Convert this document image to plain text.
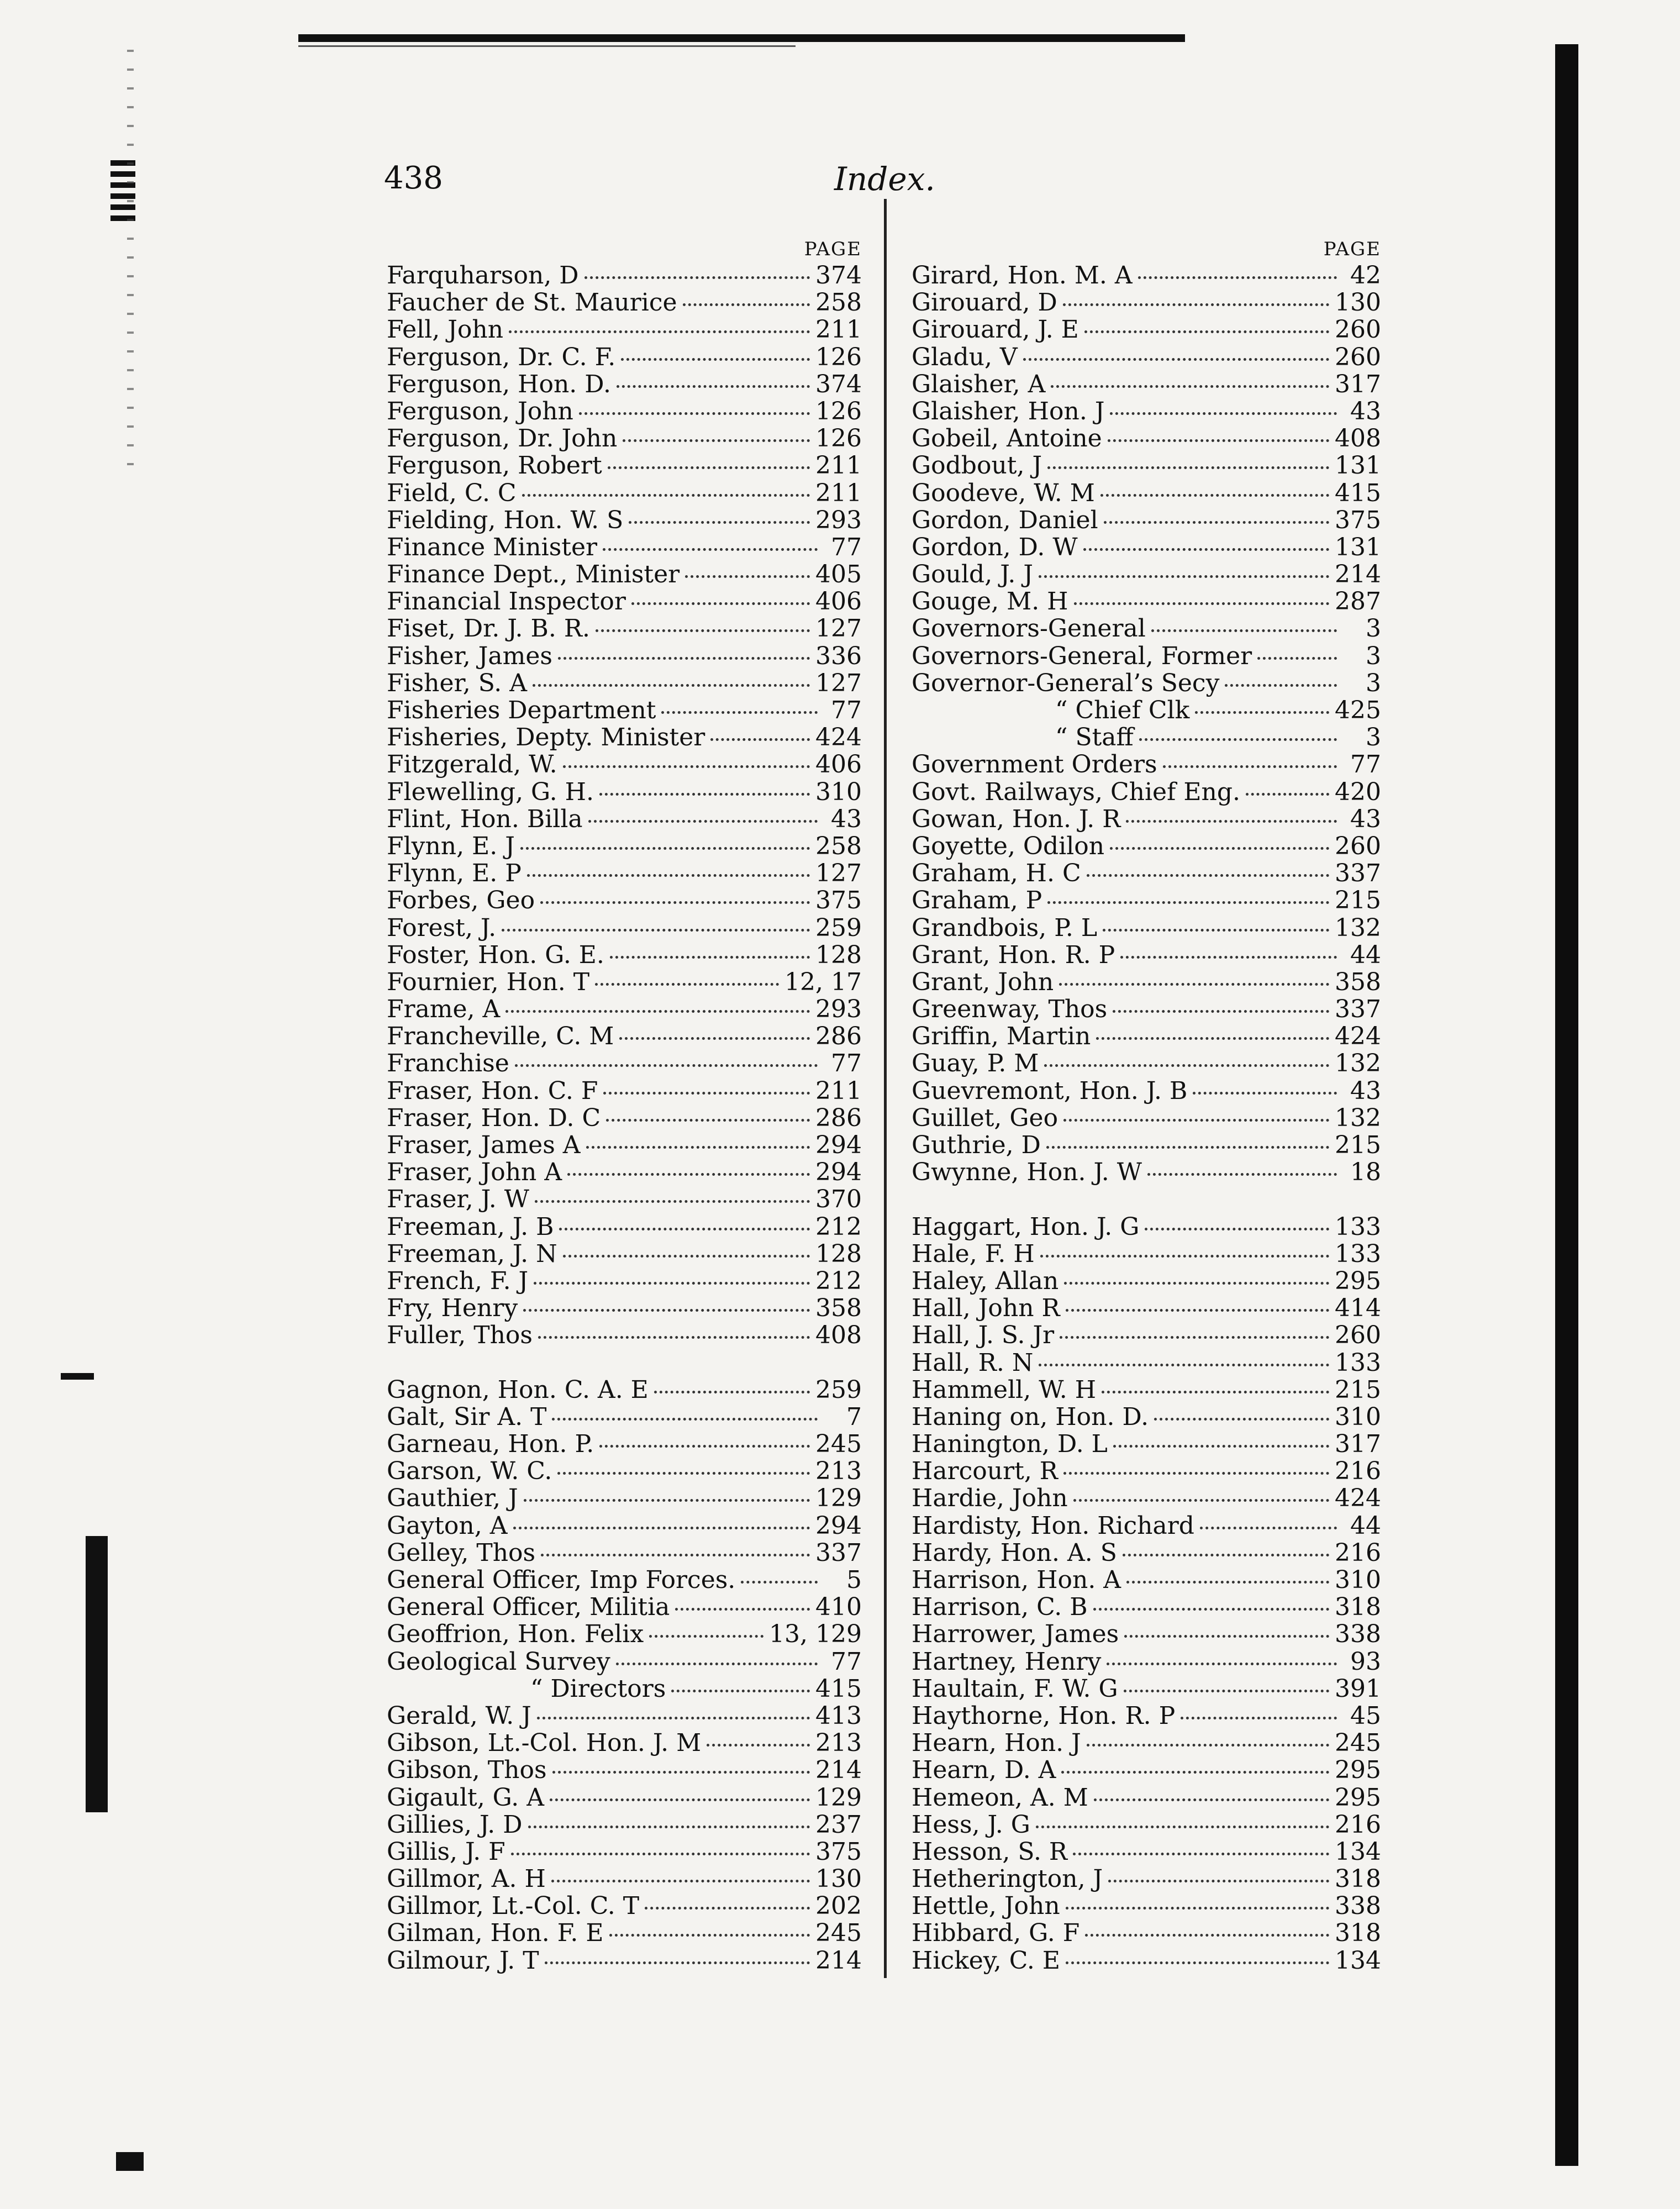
438	Index.
PAGE
Farquharson, D	374
Faucher de St. Maurice	258
Fell, John	211
Ferguson, Dr. C. F.	126
Ferguson, Hon. D.	374
Ferguson, John	126
Ferguson, Dr. John	126
Ferguson, Robert	211
Field, C. C	211
Fielding, Hon. W. S	293
Finance Minister	77
Finance Dept., Minister	405
Financial Inspector	406
Fiset, Dr. J. B. R.	127
Fisher, James	336
Fisher, S. A	127
Fisheries Department	77
Fisheries, Depty. Minister	424
Fitzgerald, W.	406
Flewelling, G. H.	310
Flint, Hon. Billa	43
Flynn, E. J	258
Flynn, E. P	127
Forbes, Geo	375
Forest, J.	259
Foster, Hon. G. E.	128
Fournier, Hon. T	12, 17
Frame, A	293
Francheville, C. M	286
Franchise	77
Fraser, Hon. C. F	211
Fraser, Hon. D. C	286
Fraser, James A	294
Fraser, John A	294
Fraser, J. W	370
Freeman, J. B	212
Freeman, J. N	128
French, F. J	212
Fry, Henry	358
Fuller, Thos	408
Gagnon, Hon. C. A. E	259
Galt, Sir A. T	7
Garneau, Hon. P.	245
Garson, W. C.	213
Gauthier, J	129
Gayton, A	294
Gelley, Thos	337
General Officer, Imp Forces.	5
General Officer, Militia	410
Geoffrion, Hon. Felix	13, 129
Geological Survey	77
“ Directors	415
Gerald, W. J	413
Gibson, Lt.-Col. Hon. J. M	213
Gibson, Thos	214
Gigault, G. A	129
Gillies, J. D	237
Gillis, J. F	375
Gillmor, A. H	130
Gillmor, Lt.-Col. C. T	202
Gilman, Hon. F. E	245
Gilmour, J. T	214
PAGE
Girard, Hon. M. A	42
Girouard, D	130
Girouard, J. E	260
Gladu, V	260
Glaisher, A	317
Glaisher, Hon. J	43
Gobeil, Antoine	408
Godbout, J	131
Goodeve, W. M	415
Gordon, Daniel	375
Gordon, D. W	131
Gould, J. J	214
Gouge, M. H	287
Governors-General	3
Governors-General, Former	3
Governor-General’s Secy	3
“ Chief Clk	425
“ Staff	3
Government Orders	77
Govt. Railways, Chief Eng.	420
Gowan, Hon. J. R	43
Goyette, Odilon	260
Graham, H. C	337
Graham, P	215
Grandbois, P. L	132
Grant, Hon. R. P	44
Grant, John	358
Greenway, Thos	337
Griffin, Martin	424
Guay, P. M	132
Guevremont, Hon. J. B	43
Guillet, Geo	132
Guthrie, D	215
Gwynne, Hon. J. W	18
Haggart, Hon. J. G	133
Hale, F. H	133
Haley, Allan	295
Hall, John R	414
Hall, J. S. Jr	260
Hall, R. N	133
Hammell, W. H	215
Haning on, Hon. D.	310
Hanington, D. L	317
Harcourt, R	216
Hardie, John	424
Hardisty, Hon. Richard	44
Hardy, Hon. A. S	216
Harrison, Hon. A	310
Harrison, C. B	318
Harrower, James	338
Hartney, Henry	93
Haultain, F. W. G	391
Haythorne, Hon. R. P	45
Hearn, Hon. J	245
Hearn, D. A	295
Hemeon, A. M	295
Hess, J. G	216
Hesson, S. R	134
Hetherington, J	318
Hettle, John	338
Hibbard, G. F	318
Hickey, C. E	134
